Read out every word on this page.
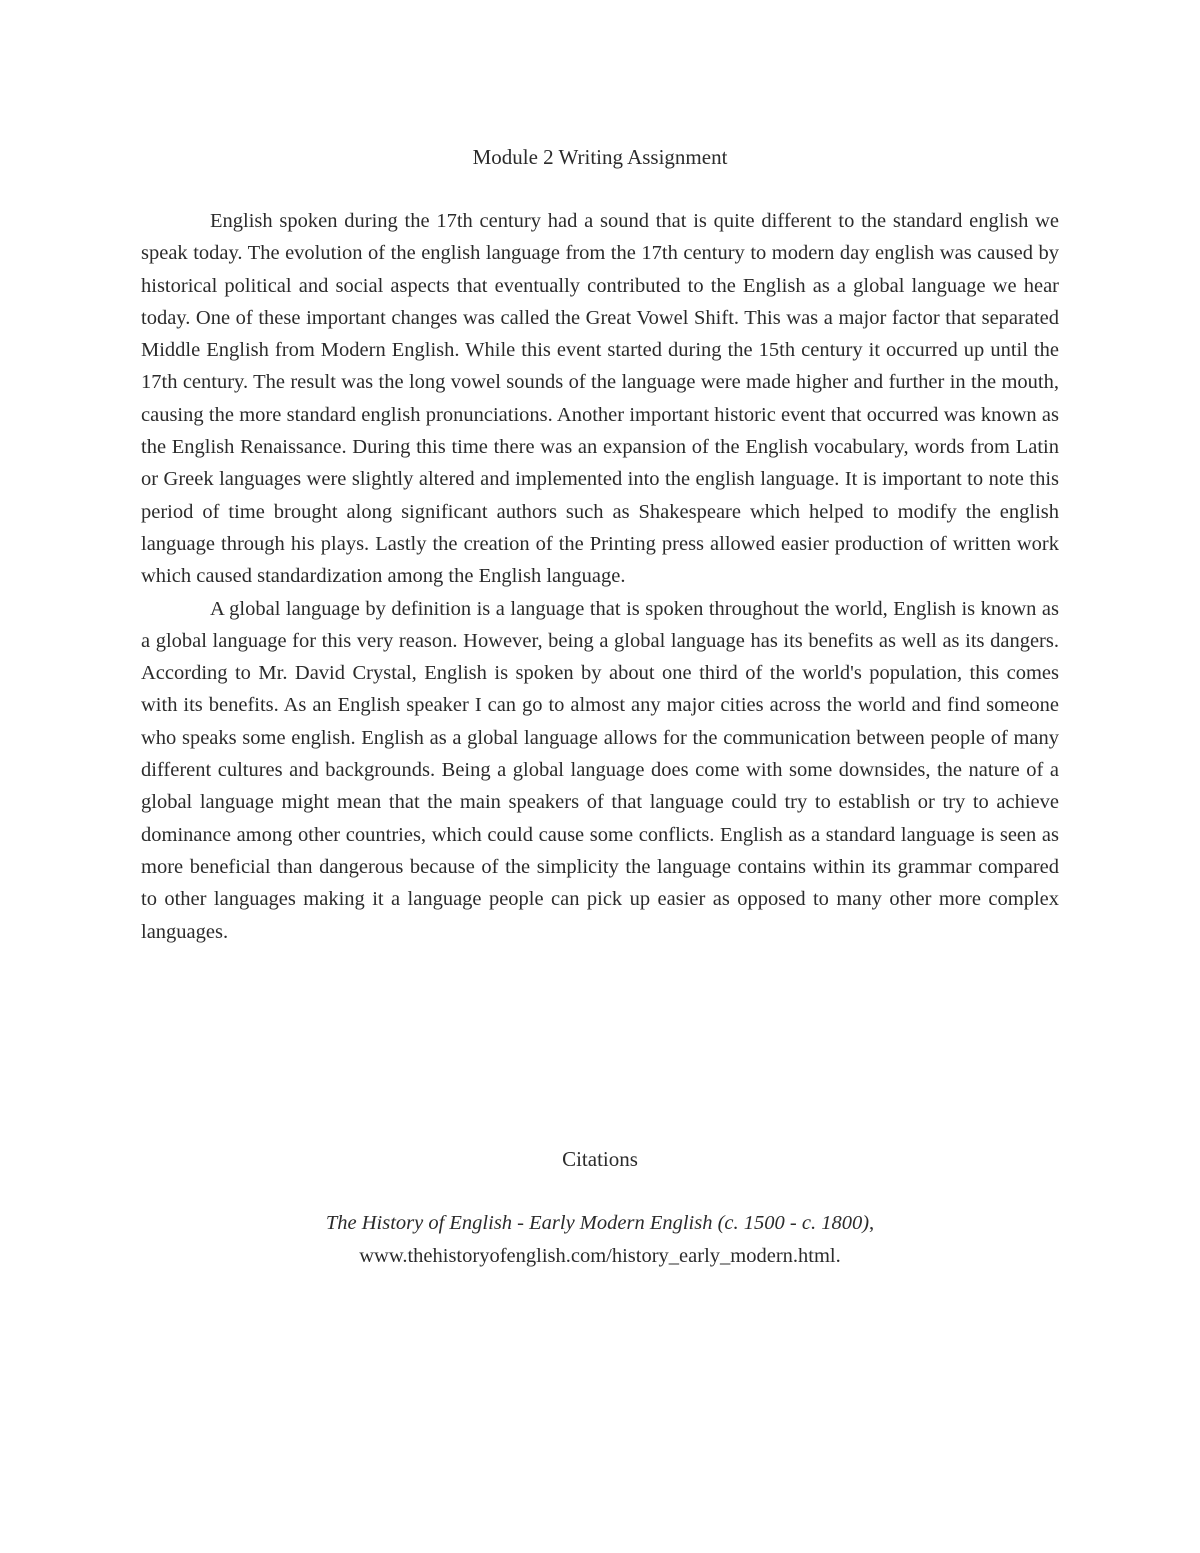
Module 2 Writing Assignment

English spoken during the 17th century had a sound that is quite different to the standard english we speak today. The evolution of the english language from the 17th century to modern day english was caused by historical political and social aspects that eventually contributed to the English as a global language we hear today. One of these important changes was called the Great Vowel Shift. This was a major factor that separated Middle English from Modern English. While this event started during the 15th century it occurred up until the 17th century. The result was the long vowel sounds of the language were made higher and further in the mouth, causing the more standard english pronunciations. Another important historic event that occurred was known as the English Renaissance. During this time there was an expansion of the English vocabulary, words from Latin or Greek languages were slightly altered and implemented into the english language. It is important to note this period of time brought along significant authors such as Shakespeare which helped to modify the english language through his plays. Lastly the creation of the Printing press allowed easier production of written work which caused standardization among the English language.

A global language by definition is a language that is spoken throughout the world, English is known as a global language for this very reason. However, being a global language has its benefits as well as its dangers. According to Mr. David Crystal, English is spoken by about one third of the world's population, this comes with its benefits. As an English speaker I can go to almost any major cities across the world and find someone who speaks some english. English as a global language allows for the communication between people of many different cultures and backgrounds. Being a global language does come with some downsides, the nature of a global language might mean that the main speakers of that language could try to establish or try to achieve dominance among other countries, which could cause some conflicts. English as a standard language is seen as more beneficial than dangerous because of the simplicity the language contains within its grammar compared to other languages making it a language people can pick up easier as opposed to many other more complex languages.

Citations
The History of English - Early Modern English (c. 1500 - c. 1800),
www.thehistoryofenglish.com/history_early_modern.html.
